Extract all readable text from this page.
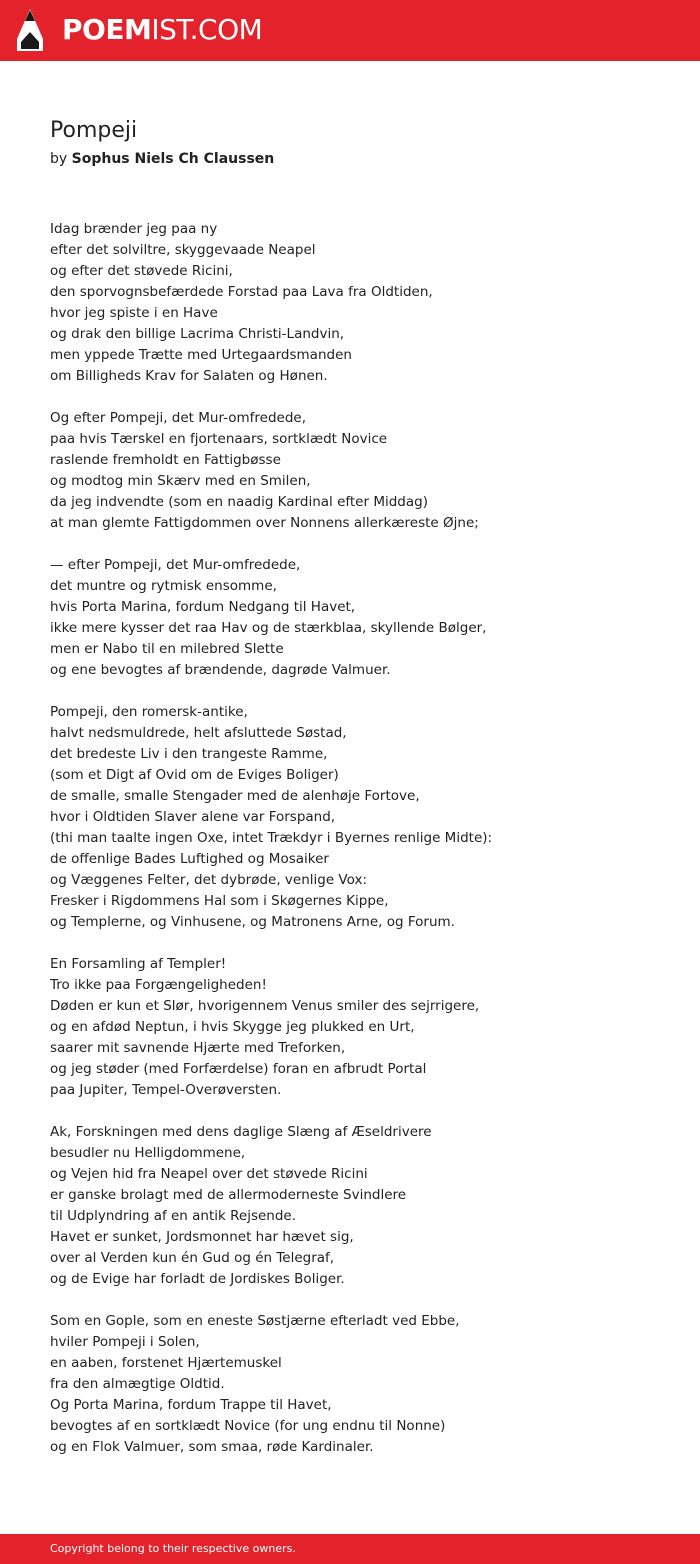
POEMIST.COM
Pompeji
by Sophus Niels Ch Claussen
Idag brænder jeg paa ny
efter det solviltre, skyggevaade Neapel
og efter det støvede Ricini,
den sporvognsbefærdede Forstad paa Lava fra Oldtiden,
hvor jeg spiste i en Have
og drak den billige Lacrima Christi-Landvin,
men yppede Trætte med Urtegaardsmanden
om Billigheds Krav for Salaten og Hønen.
Og efter Pompeji, det Mur-omfredede,
paa hvis Tærskel en fjortenaars, sortklædt Novice
raslende fremholdt en Fattigbøsse
og modtog min Skærv med en Smilen,
da jeg indvendte (som en naadig Kardinal efter Middag)
at man glemte Fattigdommen over Nonnens allerkæreste Øjne;
— efter Pompeji, det Mur-omfredede,
det muntre og rytmisk ensomme,
hvis Porta Marina, fordum Nedgang til Havet,
ikke mere kysser det raa Hav og de stærkblaa, skyllende Bølger,
men er Nabo til en milebred Slette
og ene bevogtes af brændende, dagrøde Valmuer.
Pompeji, den romersk-antike,
halvt nedsmuldrede, helt afsluttede Søstad,
det bredeste Liv i den trangeste Ramme,
(som et Digt af Ovid om de Eviges Boliger)
de smalle, smalle Stengader med de alenhøje Fortove,
hvor i Oldtiden Slaver alene var Forspand,
(thi man taalte ingen Oxe, intet Trækdyr i Byernes renlige Midte):
de offenlige Bades Luftighed og Mosaiker
og Væggenes Felter, det dybrøde, venlige Vox:
Fresker i Rigdommens Hal som i Skøgernes Kippe,
og Templerne, og Vinhusene, og Matronens Arne, og Forum.
En Forsamling af Templer!
Tro ikke paa Forgængeligheden!
Døden er kun et Slør, hvorigennem Venus smiler des sejrrigere,
og en afdød Neptun, i hvis Skygge jeg plukked en Urt,
saarer mit savnende Hjærte med Treforken,
og jeg støder (med Forfærdelse) foran en afbrudt Portal
paa Jupiter, Tempel-Overøversten.
Ak, Forskningen med dens daglige Slæng af Æseldrivere
besudler nu Helligdommene,
og Vejen hid fra Neapel over det støvede Ricini
er ganske brolagt med de allermoderneste Svindlere
til Udplyndring af en antik Rejsende.
Havet er sunket, Jordsmonnet har hævet sig,
over al Verden kun én Gud og én Telegraf,
og de Evige har forladt de Jordiskes Boliger.
Som en Gople, som en eneste Søstjærne efterladt ved Ebbe,
hviler Pompeji i Solen,
en aaben, forstenet Hjærtemuskel
fra den almægtige Oldtid.
Og Porta Marina, fordum Trappe til Havet,
bevogtes af en sortklædt Novice (for ung endnu til Nonne)
og en Flok Valmuer, som smaa, røde Kardinaler.
Copyright belong to their respective owners.
